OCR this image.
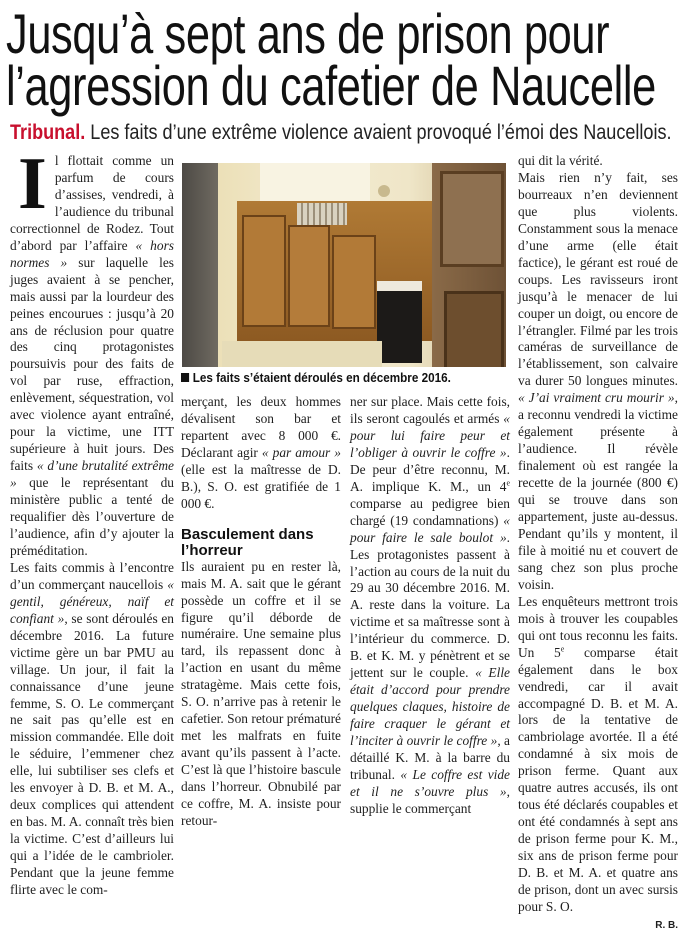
Jusqu’à sept ans de prison pour
l’agression du cafetier de Naucelle
Tribunal. Les faits d’une extrême violence avaient provoqué l’émoi des Naucellois.

Il flottait comme un parfum de cours d’assises, vendredi, à l’audience du tribunal correctionnel de Rodez. Tout d’abord par l’affaire « hors normes » sur laquelle les juges avaient à se pencher, mais aussi par la lourdeur des peines encourues : jusqu’à 20 ans de réclusion pour quatre des cinq protagonistes poursuivis pour des faits de vol par ruse, effraction, enlèvement, séquestration, vol avec violence ayant entraîné, pour la victime, une ITT supérieure à huit jours. Des faits « d’une brutalité extrême » que le représentant du ministère public a tenté de requalifier dès l’ouverture de l’audience, afin d’y ajouter la préméditation.

Les faits commis à l’encontre d’un commerçant naucellois « gentil, généreux, naïf et confiant », se sont déroulés en décembre 2016. La future victime gère un bar PMU au village. Un jour, il fait la connaissance d’une jeune femme, S. O. Le commerçant ne sait pas qu’elle est en mission commandée. Elle doit le séduire, l’emmener chez elle, lui subtiliser ses clefs et les envoyer à D. B. et M. A., deux complices qui attendent en bas. M. A. connaît très bien la victime. C’est d’ailleurs lui qui a l’idée de le cambrioler. Pendant que la jeune femme flirte avec le com-

Les faits s’étaient déroulés en décembre 2016.

merçant, les deux hommes dévalisent son bar et repartent avec 8 000 €. Déclarant agir « par amour » (elle est la maîtresse de D. B.), S. O. est gratifiée de 1 000 €.

Basculement dans l’horreur

Ils auraient pu en rester là, mais M. A. sait que le gérant possède un coffre et il se figure qu’il déborde de numéraire. Une semaine plus tard, ils repassent donc à l’action en usant du même stratagème. Mais cette fois, S. O. n’arrive pas à retenir le cafetier. Son retour prématuré met les malfrats en fuite avant qu’ils passent à l’acte. C’est là que l’histoire bascule dans l’horreur. Obnubilé par ce coffre, M. A. insiste pour retour-

ner sur place. Mais cette fois, ils seront cagoulés et armés « pour lui faire peur et l’obliger à ouvrir le coffre ». De peur d’être reconnu, M. A. implique K. M., un 4e comparse au pedigree bien chargé (19 condamnations) « pour faire le sale boulot ». Les protagonistes passent à l’action au cours de la nuit du 29 au 30 décembre 2016. M. A. reste dans la voiture. La victime et sa maîtresse sont à l’intérieur du commerce. D. B. et K. M. y pénètrent et se jettent sur le couple. « Elle était d’accord pour prendre quelques claques, histoire de faire craquer le gérant et l’inciter à ouvrir le coffre », a détaillé K. M. à la barre du tribunal. « Le coffre est vide et il ne s’ouvre plus », supplie le commerçant

qui dit la vérité.

Mais rien n’y fait, ses bourreaux n’en deviennent que plus violents. Constamment sous la menace d’une arme (elle était factice), le gérant est roué de coups. Les ravisseurs iront jusqu’à le menacer de lui couper un doigt, ou encore de l’étrangler. Filmé par les trois caméras de surveillance de l’établissement, son calvaire va durer 50 longues minutes. « J’ai vraiment cru mourir », a reconnu vendredi la victime également présente à l’audience. Il révèle finalement où est rangée la recette de la journée (800 €) qui se trouve dans son appartement, juste au-dessus. Pendant qu’ils y montent, il file à moitié nu et couvert de sang chez son plus proche voisin.

Les enquêteurs mettront trois mois à trouver les coupables qui ont tous reconnu les faits. Un 5e comparse était également dans le box vendredi, car il avait accompagné D. B. et M. A. lors de la tentative de cambriolage avortée. Il a été condamné à six mois de prison ferme. Quant aux quatre autres accusés, ils ont tous été déclarés coupables et ont été condamnés à sept ans de prison ferme pour K. M., six ans de prison ferme pour D. B. et M. A. et quatre ans de prison, dont un avec sursis pour S. O.

R. B.
